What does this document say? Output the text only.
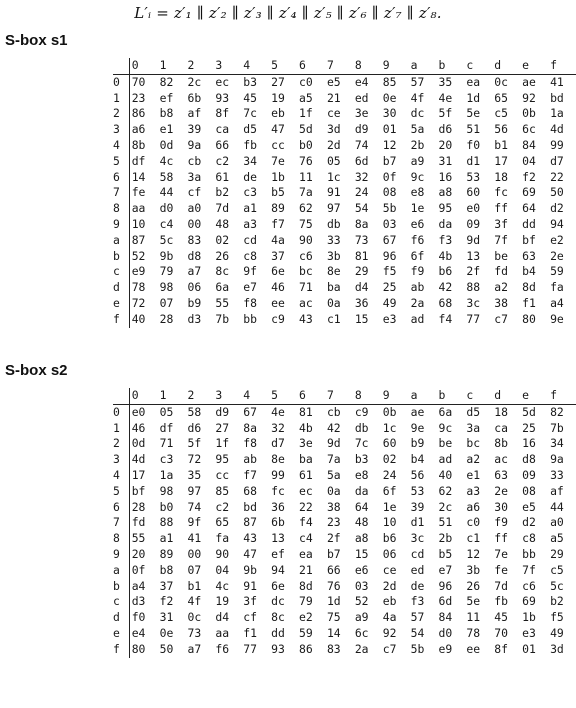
L′ᵢ = z′₁ ∥ z′₂ ∥ z′₃ ∥ z′₄ ∥ z′₅ ∥ z′₆ ∥ z′₇ ∥ z′₈.
S-box s1
	0	1	2	3	4	5	6	7	8	9	a	b	c	d	e	f
0	70	82	2c	ec	b3	27	c0	e5	e4	85	57	35	ea	0c	ae	41
1	23	ef	6b	93	45	19	a5	21	ed	0e	4f	4e	1d	65	92	bd
2	86	b8	af	8f	7c	eb	1f	ce	3e	30	dc	5f	5e	c5	0b	1a
3	a6	e1	39	ca	d5	47	5d	3d	d9	01	5a	d6	51	56	6c	4d
4	8b	0d	9a	66	fb	cc	b0	2d	74	12	2b	20	f0	b1	84	99
5	df	4c	cb	c2	34	7e	76	05	6d	b7	a9	31	d1	17	04	d7
6	14	58	3a	61	de	1b	11	1c	32	0f	9c	16	53	18	f2	22
7	fe	44	cf	b2	c3	b5	7a	91	24	08	e8	a8	60	fc	69	50
8	aa	d0	a0	7d	a1	89	62	97	54	5b	1e	95	e0	ff	64	d2
9	10	c4	00	48	a3	f7	75	db	8a	03	e6	da	09	3f	dd	94
a	87	5c	83	02	cd	4a	90	33	73	67	f6	f3	9d	7f	bf	e2
b	52	9b	d8	26	c8	37	c6	3b	81	96	6f	4b	13	be	63	2e
c	e9	79	a7	8c	9f	6e	bc	8e	29	f5	f9	b6	2f	fd	b4	59
d	78	98	06	6a	e7	46	71	ba	d4	25	ab	42	88	a2	8d	fa
e	72	07	b9	55	f8	ee	ac	0a	36	49	2a	68	3c	38	f1	a4
f	40	28	d3	7b	bb	c9	43	c1	15	e3	ad	f4	77	c7	80	9e
S-box s2
	0	1	2	3	4	5	6	7	8	9	a	b	c	d	e	f
0	e0	05	58	d9	67	4e	81	cb	c9	0b	ae	6a	d5	18	5d	82
1	46	df	d6	27	8a	32	4b	42	db	1c	9e	9c	3a	ca	25	7b
2	0d	71	5f	1f	f8	d7	3e	9d	7c	60	b9	be	bc	8b	16	34
3	4d	c3	72	95	ab	8e	ba	7a	b3	02	b4	ad	a2	ac	d8	9a
4	17	1a	35	cc	f7	99	61	5a	e8	24	56	40	e1	63	09	33
5	bf	98	97	85	68	fc	ec	0a	da	6f	53	62	a3	2e	08	af
6	28	b0	74	c2	bd	36	22	38	64	1e	39	2c	a6	30	e5	44
7	fd	88	9f	65	87	6b	f4	23	48	10	d1	51	c0	f9	d2	a0
8	55	a1	41	fa	43	13	c4	2f	a8	b6	3c	2b	c1	ff	c8	a5
9	20	89	00	90	47	ef	ea	b7	15	06	cd	b5	12	7e	bb	29
a	0f	b8	07	04	9b	94	21	66	e6	ce	ed	e7	3b	fe	7f	c5
b	a4	37	b1	4c	91	6e	8d	76	03	2d	de	96	26	7d	c6	5c
c	d3	f2	4f	19	3f	dc	79	1d	52	eb	f3	6d	5e	fb	69	b2
d	f0	31	0c	d4	cf	8c	e2	75	a9	4a	57	84	11	45	1b	f5
e	e4	0e	73	aa	f1	dd	59	14	6c	92	54	d0	78	70	e3	49
f	80	50	a7	f6	77	93	86	83	2a	c7	5b	e9	ee	8f	01	3d
